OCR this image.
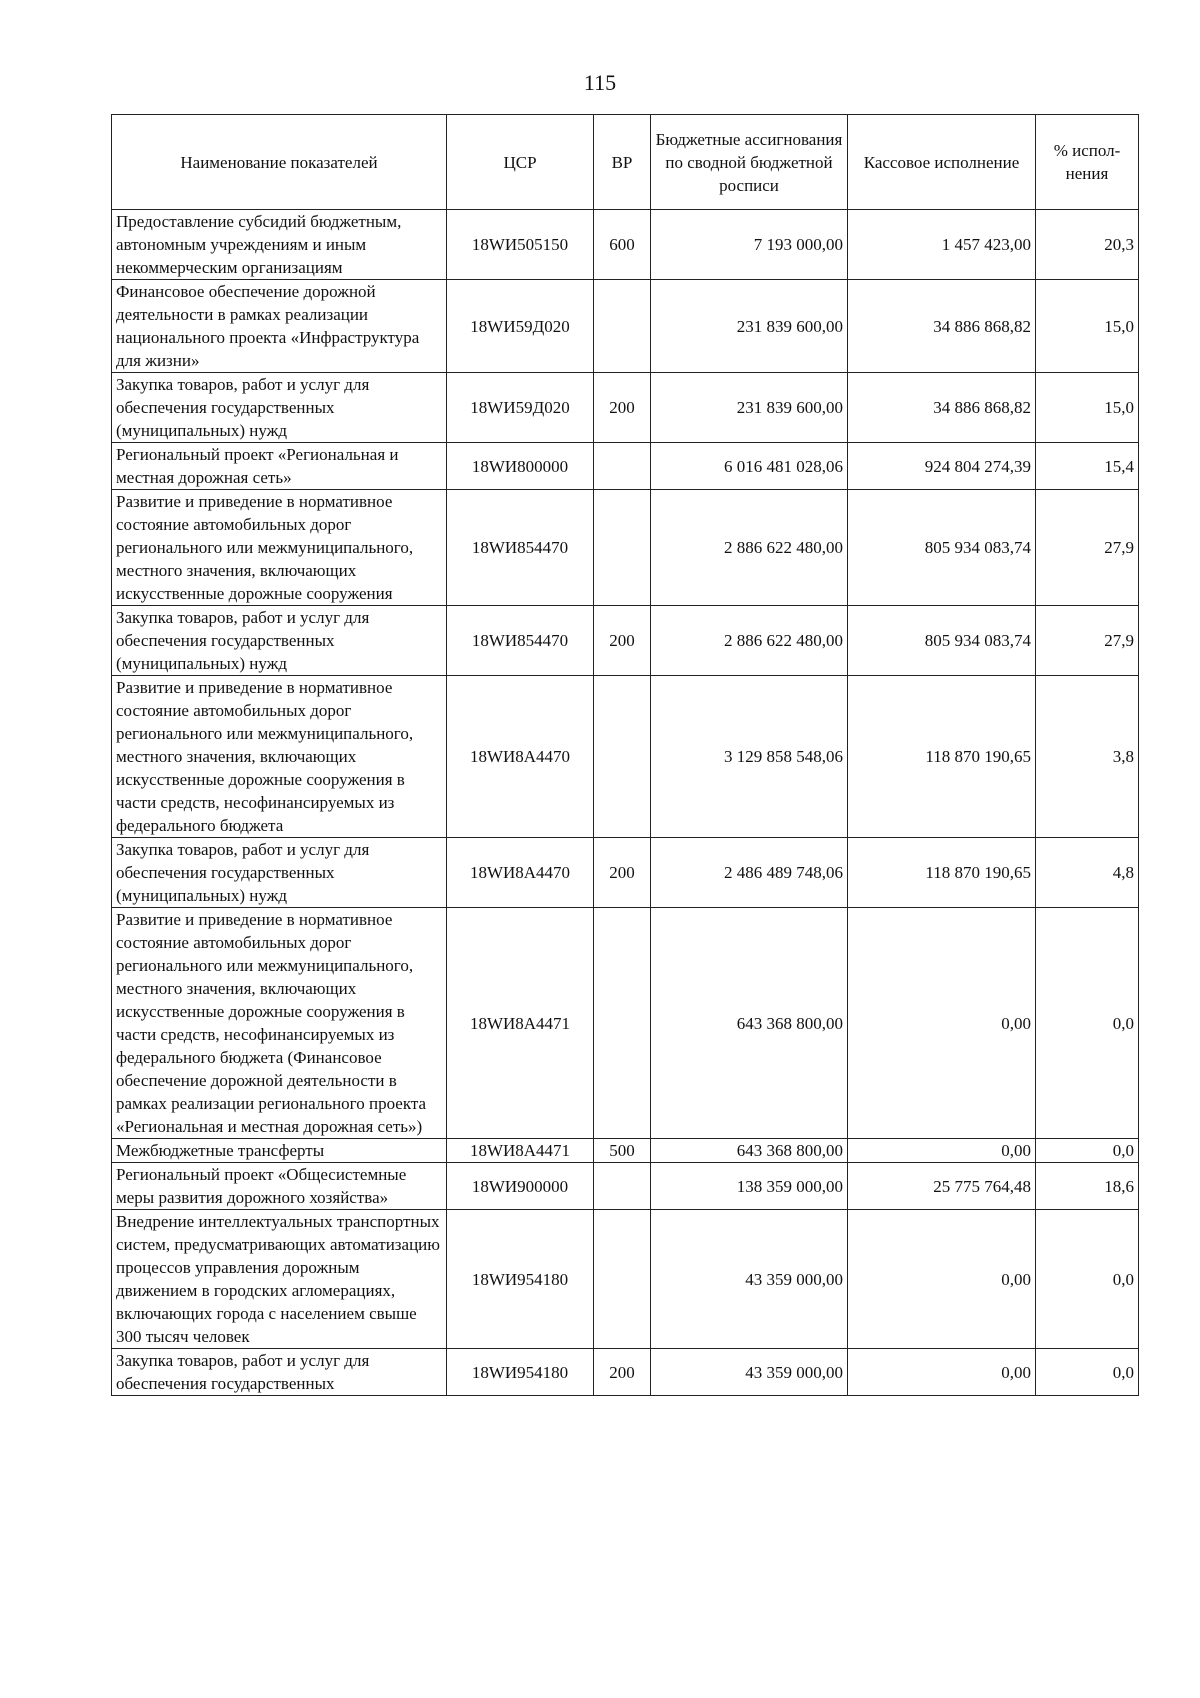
115
Наименование показателей	ЦСР	ВР	Бюджетные ассигнования по сводной бюджетной росписи	Кассовое исполнение	% испол-нения
Предоставление субсидий бюджетным, автономным учреждениям и иным некоммерческим организациям	18WИ505150	600	7 193 000,00	1 457 423,00	20,3
Финансовое обеспечение дорожной деятельности в рамках реализации национального проекта «Инфраструктура для жизни»	18WИ59Д020		231 839 600,00	34 886 868,82	15,0
Закупка товаров, работ и услуг для обеспечения государственных (муниципальных) нужд	18WИ59Д020	200	231 839 600,00	34 886 868,82	15,0
Региональный проект «Региональная и местная дорожная сеть»	18WИ800000		6 016 481 028,06	924 804 274,39	15,4
Развитие и приведение в нормативное состояние автомобильных дорог регионального или межмуниципального, местного значения, включающих искусственные дорожные сооружения	18WИ854470		2 886 622 480,00	805 934 083,74	27,9
Закупка товаров, работ и услуг для обеспечения государственных (муниципальных) нужд	18WИ854470	200	2 886 622 480,00	805 934 083,74	27,9
Развитие и приведение в нормативное состояние автомобильных дорог регионального или межмуниципального, местного значения, включающих искусственные дорожные сооружения в части средств, несофинансируемых из федерального бюджета	18WИ8А4470		3 129 858 548,06	118 870 190,65	3,8
Закупка товаров, работ и услуг для обеспечения государственных (муниципальных) нужд	18WИ8А4470	200	2 486 489 748,06	118 870 190,65	4,8
Развитие и приведение в нормативное состояние автомобильных дорог регионального или межмуниципального, местного значения, включающих искусственные дорожные сооружения в части средств, несофинансируемых из федерального бюджета (Финансовое обеспечение дорожной деятельности в рамках реализации регионального проекта «Региональная и местная дорожная сеть»)	18WИ8А4471		643 368 800,00	0,00	0,0
Межбюджетные трансферты	18WИ8А4471	500	643 368 800,00	0,00	0,0
Региональный проект «Общесистемные меры развития дорожного хозяйства»	18WИ900000		138 359 000,00	25 775 764,48	18,6
Внедрение интеллектуальных транспортных систем, предусматривающих автоматизацию процессов управления дорожным движением в городских агломерациях, включающих города с населением свыше 300 тысяч человек	18WИ954180		43 359 000,00	0,00	0,0
Закупка товаров, работ и услуг для обеспечения государственных	18WИ954180	200	43 359 000,00	0,00	0,0
